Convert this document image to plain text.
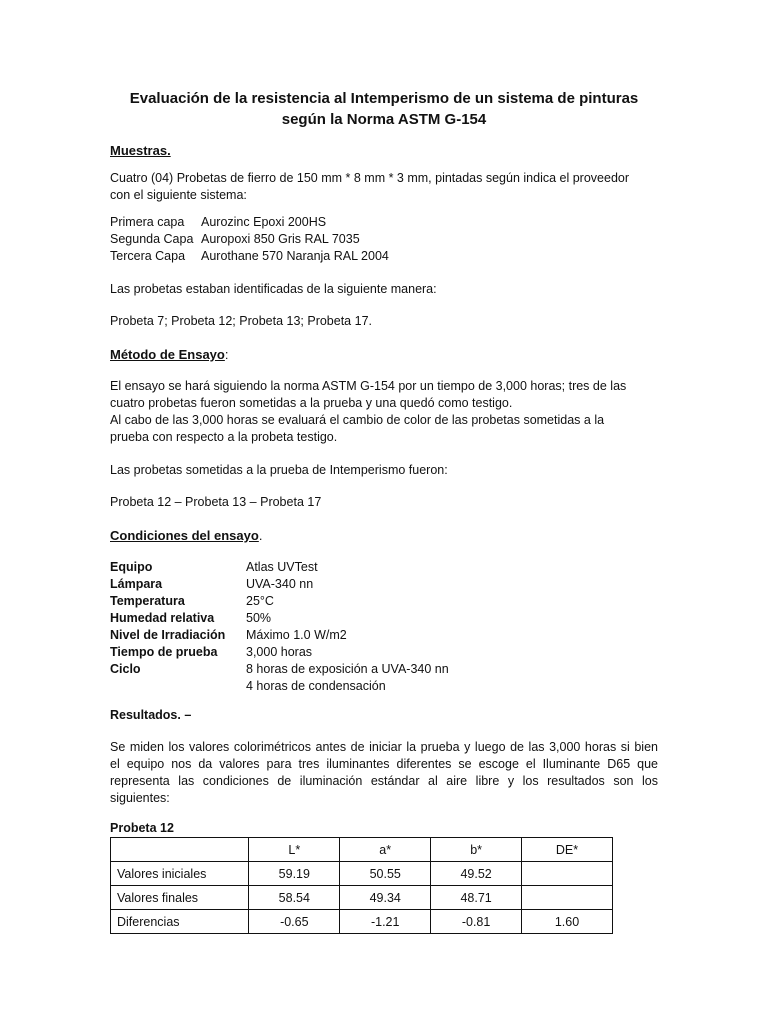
Evaluación de la resistencia al Intemperismo de un sistema de pinturas
según la Norma ASTM G-154
Muestras.
Cuatro (04) Probetas de fierro de 150 mm * 8 mm * 3 mm, pintadas según indica el proveedor
con el siguiente sistema:
Primera capa	Aurozinc Epoxi 200HS
Segunda Capa Auropoxi 850 Gris RAL 7035
Tercera Capa	Aurothane 570 Naranja RAL 2004
Las probetas estaban identificadas de la siguiente manera:
Probeta 7; Probeta 12; Probeta 13; Probeta 17.
Método de Ensayo:
El ensayo se hará siguiendo la norma ASTM G-154 por un tiempo de 3,000 horas; tres de las
cuatro probetas fueron sometidas a la prueba y una quedó como testigo.
Al cabo de las 3,000 horas se evaluará el cambio de color de las probetas sometidas a la
prueba con respecto a la probeta testigo.
Las probetas sometidas a la prueba de Intemperismo fueron:
Probeta 12 – Probeta 13 – Probeta 17
Condiciones del ensayo.
Equipo	Atlas UVTest
Lámpara	UVA-340 nn
Temperatura	25°C
Humedad relativa	50%
Nivel de Irradiación	Máximo 1.0 W/m2
Tiempo de prueba	3,000 horas
Ciclo	8 horas de exposición a UVA-340 nn
4 horas de condensación
Resultados. –
Se miden los valores colorimétricos antes de iniciar la prueba y luego de las 3,000 horas si bien
el equipo nos da valores para tres iluminantes diferentes se escoge el Iluminante D65 que
representa las condiciones de iluminación estándar al aire libre y los resultados son los
siguientes:
Probeta 12
	L*	a*	b*	DE*
Valores iniciales	59.19	50.55	49.52	
Valores finales	58.54	49.34	48.71	
Diferencias	-0.65	-1.21	-0.81	1.60
